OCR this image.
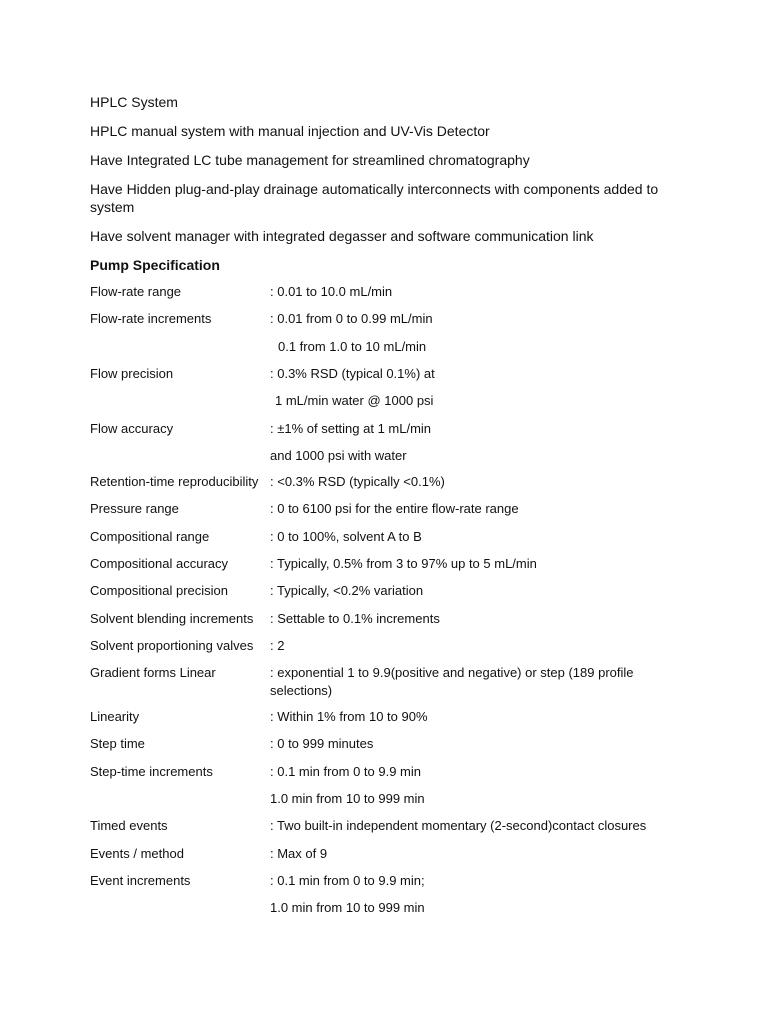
HPLC System
HPLC manual system with manual injection and UV-Vis Detector
Have Integrated LC tube management for streamlined chromatography
Have Hidden plug-and-play drainage automatically interconnects with components added to system
Have solvent manager with integrated degasser and software communication link
Pump Specification
Flow-rate range	: 0.01 to 10.0 mL/min
Flow-rate increments	: 0.01 from 0 to 0.99 mL/min
0.1 from 1.0 to 10 mL/min
Flow precision	: 0.3% RSD (typical 0.1%) at
1 mL/min water @ 1000 psi
Flow accuracy	: ±1% of setting at 1 mL/min
and 1000 psi with water
Retention-time reproducibility : <0.3% RSD (typically <0.1%)
Pressure range	: 0 to 6100 psi for the entire flow-rate range
Compositional range	: 0 to 100%, solvent A to B
Compositional accuracy	: Typically, 0.5% from 3 to 97% up to 5 mL/min
Compositional precision	: Typically, <0.2% variation
Solvent blending increments	: Settable to 0.1% increments
Solvent proportioning valves	: 2
Gradient forms Linear	: exponential 1 to 9.9(positive and negative) or step (189 profile selections)
Linearity	: Within 1% from 10 to 90%
Step time	: 0 to 999 minutes
Step-time increments	: 0.1 min from 0 to 9.9 min
1.0 min from 10 to 999 min
Timed events	: Two built-in independent momentary (2-second)contact closures
Events / method	: Max of 9
Event increments	: 0.1 min from 0 to 9.9 min;
1.0 min from 10 to 999 min
